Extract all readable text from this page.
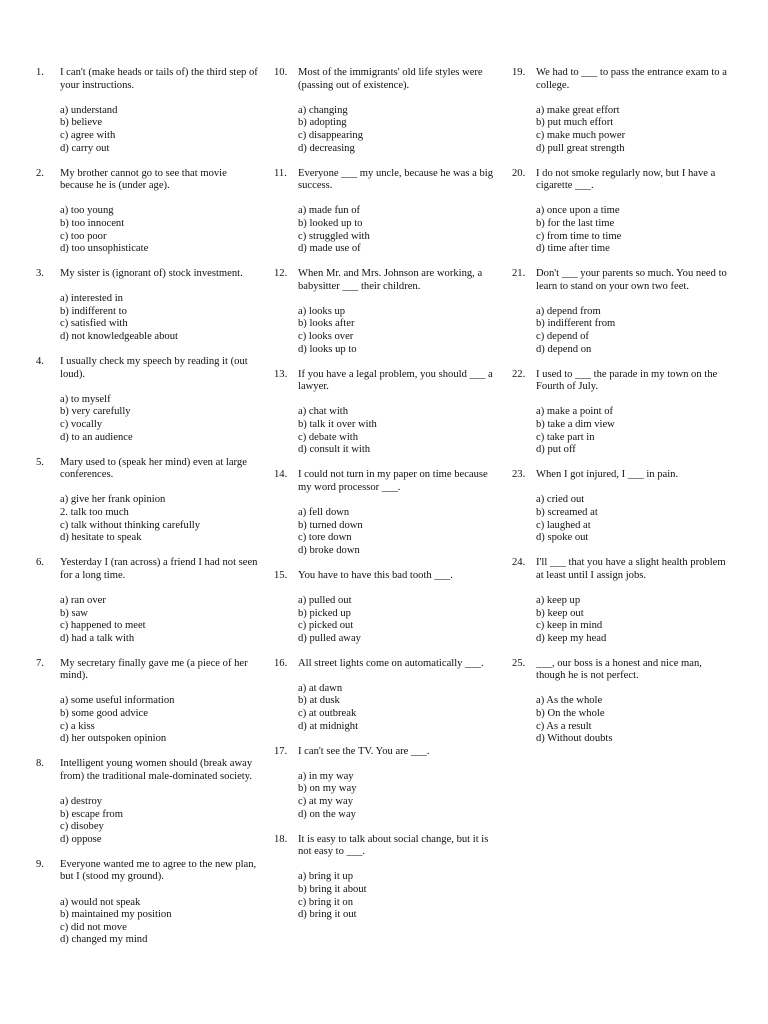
1.	I can't (make heads or tails of) the third step of your instructions.
a) understand
b) believe
c) agree with
d) carry out
2.	My brother cannot go to see that movie because he is (under age).
a) too young
b) too innocent
c) too poor
d) too unsophisticate
3.	My sister is (ignorant of) stock investment.
a) interested in
b) indifferent to
c) satisfied with
d) not knowledgeable about
4.	I usually check my speech by reading it (out loud).
a) to myself
b) very carefully
c) vocally
d) to an audience
5.	Mary used to (speak her mind) even at large conferences.
a) give her frank opinion
2. talk too much
c) talk without thinking carefully
d) hesitate to speak
6.	Yesterday I (ran across) a friend I had not seen for a long time.
a) ran over
b) saw
c) happened to meet
d) had a talk with
7.	My secretary finally gave me (a piece of her mind).
a) some useful information
b) some good advice
c) a kiss
d) her outspoken opinion
8.	Intelligent young women should (break away from) the traditional male-dominated society.
a) destroy
b) escape from
c) disobey
d) oppose
9.	Everyone wanted me to agree to the new plan, but I (stood my ground).
a) would not speak
b) maintained my position
c) did not move
d) changed my mind
10.	Most of the immigrants' old life styles were (passing out of existence).
a) changing
b) adopting
c) disappearing
d) decreasing
11.	Everyone ___ my uncle, because he was a big success.
a) made fun of
b) looked up to
c) struggled with
d) made use of
12.	When Mr. and Mrs. Johnson are working, a babysitter ___ their children.
a) looks up
b) looks after
c) looks over
d) looks up to
13.	If you have a legal problem, you should ___ a lawyer.
a) chat with
b) talk it over with
c) debate with
d) consult it with
14.	I could not turn in my paper on time because my word processor ___.
a) fell down
b) turned down
c) tore down
d) broke down
15.	You have to have this bad tooth ___.
a) pulled out
b) picked up
c) picked out
d) pulled away
16.	All street lights come on automatically ___.
a) at dawn
b) at dusk
c) at outbreak
d) at midnight
17.	I can't see the TV. You are ___.
a) in my way
b) on my way
c) at my way
d) on the way
18.	It is easy to talk about social change, but it is not easy to ___.
a) bring it up
b) bring it about
c) bring it on
d) bring it out
19.	We had to ___ to pass the entrance exam to a college.
a) make great effort
b) put much effort
c) make much power
d) pull great strength
20.	I do not smoke regularly now, but I have a cigarette ___.
a) once upon a time
b) for the last time
c) from time to time
d) time after time
21.	Don't ___ your parents so much. You need to learn to stand on your own two feet.
a) depend from
b) indifferent from
c) depend of
d) depend on
22.	I used to ___ the parade in my town on the Fourth of July.
a) make a point of
b) take a dim view
c) take part in
d) put off
23.	When I got injured, I ___ in pain.
a) cried out
b) screamed at
c) laughed at
d) spoke out
24.	I'll ___ that you have a slight health problem at least until I assign jobs.
a) keep up
b) keep out
c) keep in mind
d) keep my head
25.	___, our boss is a honest and nice man, though he is not perfect.
a) As the whole
b) On the whole
c) As a result
d) Without doubts
